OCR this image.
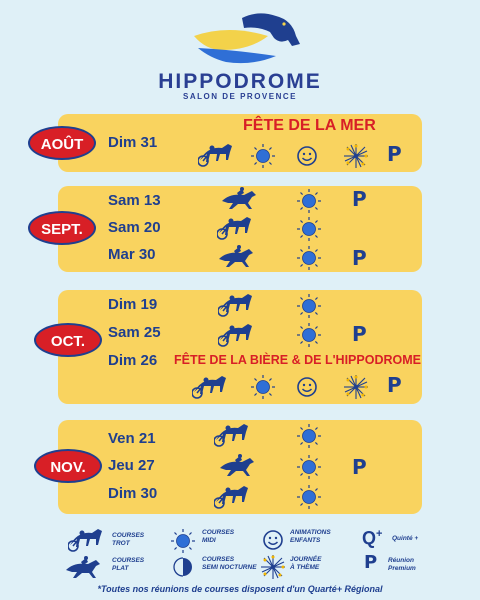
HIPPODROME
SALON DE PROVENCE
AOÛT	Dim 31
FÊTE DE LA MER
P
SEPT.
Sam 13
Sam 20
Mar 30
P
P
OCT.
Dim 19
Sam 25
Dim 26 FÊTE DE LA BIÈRE & DE L'HIPPODROME
P
P
NOV.
Ven 21
Jeu 27
Dim 30
P
COURSES
TROT
COURSES
PLAT
COURSES
MIDI
COURSES
SEMI NOCTURNE
ANIMATIONS
ENFANTS
JOURNÉE
À THÈME
Q+ Quinté +
P Réunion
Premium
*Toutes nos réunions de courses disposent d'un Quarté+ Régional
